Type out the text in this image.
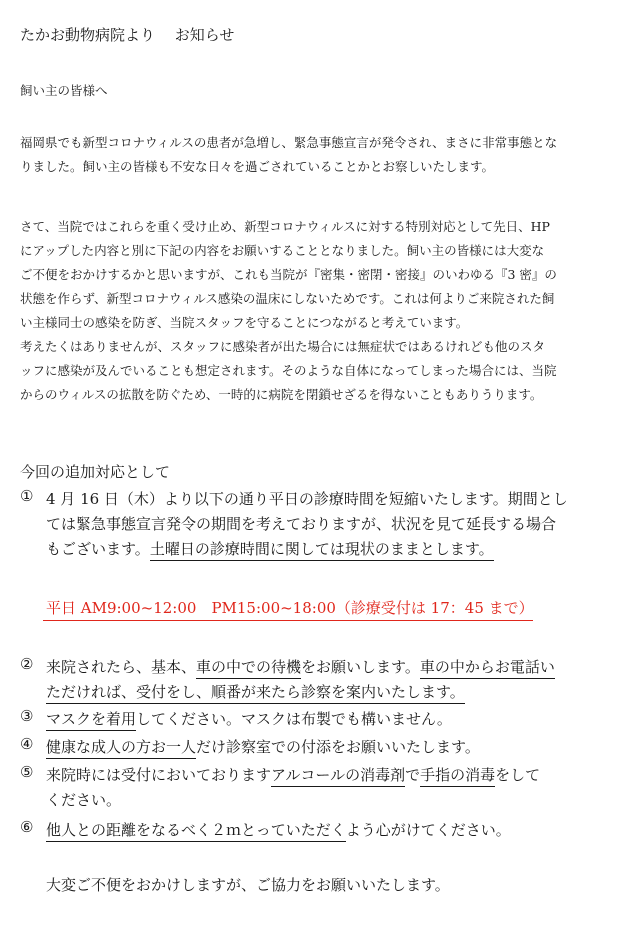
たかお動物病院より　 お知らせ
飼い主の皆様へ
福岡県でも新型コロナウィルスの患者が急増し、緊急事態宣言が発令され、まさに非常事態とな
りました。飼い主の皆様も不安な日々を過ごされていることかとお察しいたします。
さて、当院ではこれらを重く受け止め、新型コロナウィルスに対する特別対応として先日、HP
にアップした内容と別に下記の内容をお願いすることとなりました。飼い主の皆様には大変な
ご不便をおかけするかと思いますが、これも当院が『密集・密閉・密接』のいわゆる『3 密』の
状態を作らず、新型コロナウィルス感染の温床にしないためです。これは何よりご来院された飼
い主様同士の感染を防ぎ、当院スタッフを守ることにつながると考えています。
考えたくはありませんが、スタッフに感染者が出た場合には無症状ではあるけれども他のスタ
ッフに感染が及んでいることも想定されます。そのような自体になってしまった場合には、当院
からのウィルスの拡散を防ぐため、一時的に病院を閉鎖せざるを得ないこともありうります。
今回の追加対応として
① 4 月 16 日（木）より以下の通り平日の診療時間を短縮いたします。期間とし
ては緊急事態宣言発令の期間を考えておりますが、状況を見て延長する場合
もございます。土曜日の診療時間に関しては現状のままとします。
平日 AM9:00~12:00　PM15:00~18:00（診療受付は 17：45 まで）
② 来院されたら、基本、車の中での待機をお願いします。車の中からお電話い
ただければ、受付をし、順番が来たら診察を案内いたします。
③ マスクを着用してください。マスクは布製でも構いません。
④ 健康な成人の方お一人だけ診察室での付添をお願いいたします。
⑤ 来院時には受付においておりますアルコールの消毒剤で手指の消毒をして
ください。
⑥ 他人との距離をなるべく２ｍとっていただくよう心がけてください。
大変ご不便をおかけしますが、ご協力をお願いいたします。
